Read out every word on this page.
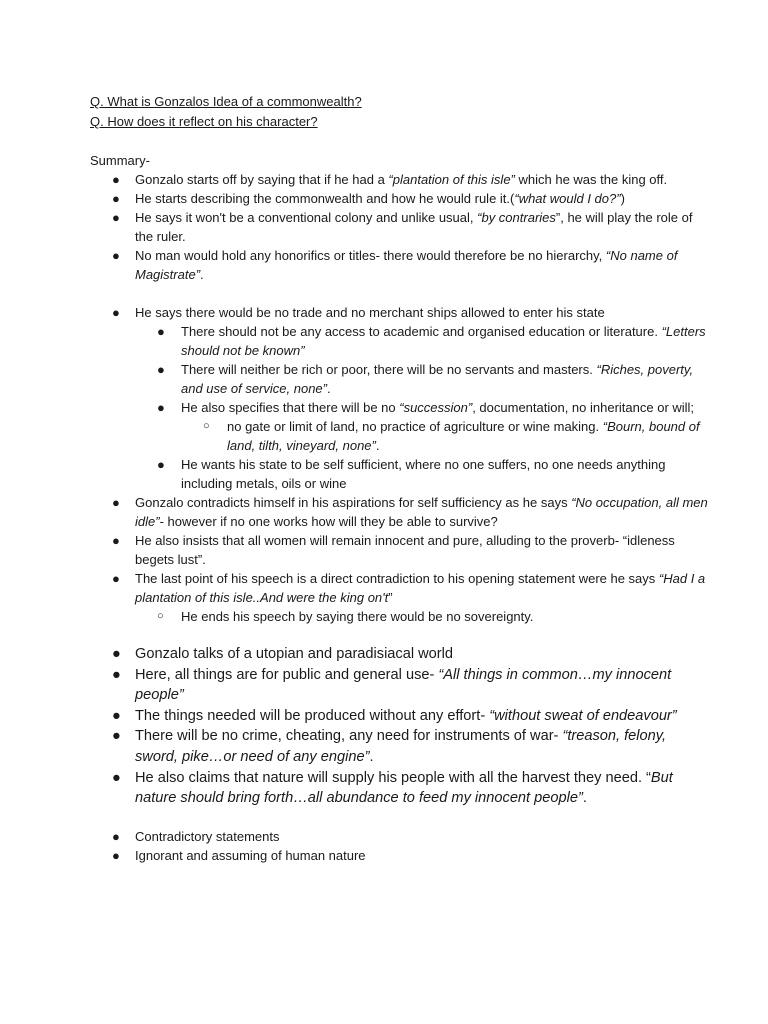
Q. What is Gonzalos Idea of a commonwealth?

Q. How does it reflect on his character?

Summary-

● Gonzalo starts off by saying that if he had a “plantation of this isle” which he was the king off.
● He starts describing the commonwealth and how he would rule it.(“what would I do?”)
● He says it won't be a conventional colony and unlike usual, “by contraries”, he will play the role of the ruler.
● No man would hold any honorifics or titles- there would therefore be no hierarchy, “No name of Magistrate”.
● He says there would be no trade and no merchant ships allowed to enter his state
● There should not be any access to academic and organised education or literature. “Letters should not be known”
● There will neither be rich or poor, there will be no servants and masters. “Riches, poverty, and use of service, none”.
● He also specifies that there will be no “succession”, documentation, no inheritance or will;
○ no gate or limit of land, no practice of agriculture or wine making. “Bourn, bound of land, tilth, vineyard, none”.
● He wants his state to be self sufficient, where no one suffers, no one needs anything including metals, oils or wine
● Gonzalo contradicts himself in his aspirations for self sufficiency as he says “No occupation, all men idle”- however if no one works how will they be able to survive?
● He also insists that all women will remain innocent and pure, alluding to the proverb- “idleness begets lust”.
● The last point of his speech is a direct contradiction to his opening statement were he says “Had I a plantation of this isle..And were the king on't”
○ He ends his speech by saying there would be no sovereignty.
● Gonzalo talks of a utopian and paradisiacal world
● Here, all things are for public and general use- “All things in common…my innocent people”
● The things needed will be produced without any effort- “without sweat of endeavour”
● There will be no crime, cheating, any need for instruments of war- “treason, felony, sword, pike…or need of any engine”.
● He also claims that nature will supply his people with all the harvest they need. “But nature should bring forth…all abundance to feed my innocent people”.
● Contradictory statements
● Ignorant and assuming of human nature
